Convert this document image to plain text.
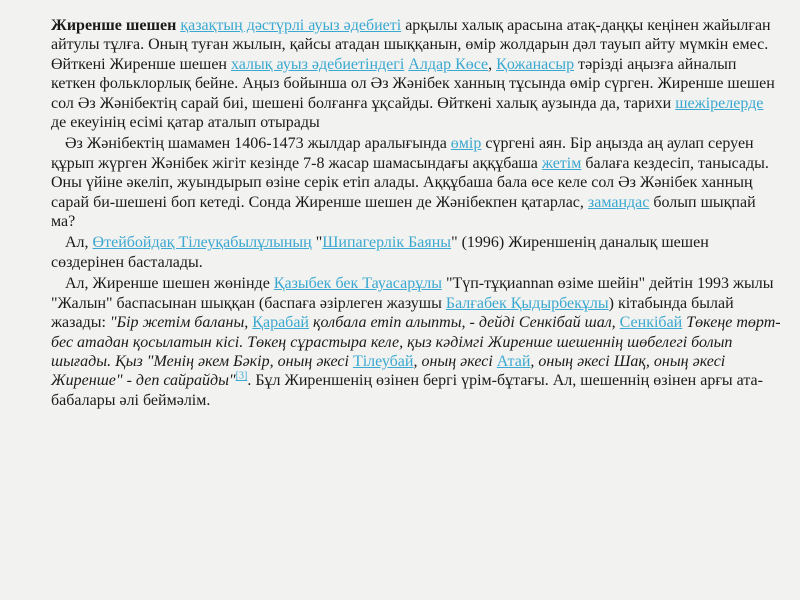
Жиренше шешен қазақтың дәстүрлі ауыз әдебиеті арқылы халық арасына атақ-даңқы кеңінен жайылған айтулы тұлға. Оның туған жылын, қайсы атадан шыққанын, өмір жолдарын дәл тауып айту мүмкін емес. Өйткені Жиренше шешен халық ауыз әдебиетіндегі Алдар Көсе, Қожанасыр тәрізді аңызға айналып кеткен фольклорлық бейне. Аңыз бойынша ол Әз Жәнібек ханның тұсында өмір сүрген. Жиренше шешен сол Әз Жәнібектің сарай биі, шешені болғанға ұқсайды. Өйткені халық аузында да, тарихи шежірелерде де екеуінің есімі қатар аталып отырады

Әз Жәнібектің шамамен 1406-1473 жылдар аралығында өмір сүргені аян. Бір аңызда аң аулап серуен құрып жүрген Жәнібек жігіт кезінде 7-8 жасар шамасындағы аққұбаша жетім балаға кездесіп, танысады. Оны үйіне әкеліп, жуындырып өзіне серік етіп алады. Аққұбаша бала өсе келе сол Әз Жәнібек ханның сарай би-шешені боп кетеді. Сонда Жиренше шешен де Жәнібекпен қатарлас, замандас болып шықпай ма?

Ал, Өтейбойдақ Тілеуқабылұлының "Шипагерлік Баяны" (1996) Жиреншенің даналық шешен сөздерінен басталады.

Ал, Жиренше шешен жөнінде Қазыбек бек Тауасарұлы "Түп-тұқиannan өзіме шейін" дейтін 1993 жылы "Жалын" баспасынан шыққан (баспаға әзірлеген жазушы Балғабек Қыдырбекұлы) кітабында былай жазады: "Бір жетім баланы, Қарабай қолбала етіп алыпты, - дейді Сенкібай шал, Сенкібай Төкеңе төрт-бес атадан қосылатын кісі. Төкең сұрастыра келе, қыз кәдімгі Жиренше шешеннің шөбелегі болып шығады. Қыз "Менің әкем Бәкір, оның әкесі Тілеубай, оның әкесі Атай, оның әкесі Шақ, оның әкесі Жиренше" - деп сайрайды"[3]. Бұл Жиреншенің өзінен бергі үрім-бұтағы. Ал, шешеннің өзінен арғы ата-бабалары әлі беймәлім.
